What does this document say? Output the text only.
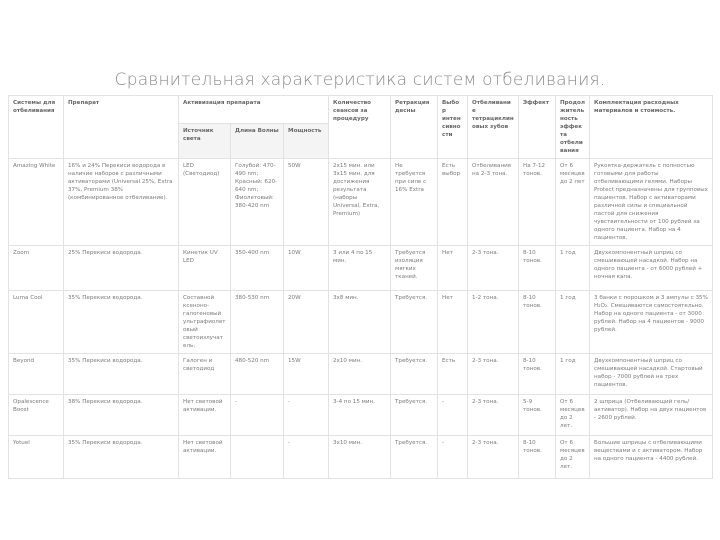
Сравнительная характеристика систем отбеливания.
Системы для отбеливания	Препарат	Активизация препарата			Количество сеансов за процедуру	Ретракция десны	Выбор интенсивности	Отбеливание тетрациклиновых зубов	Эффект	Продолжительность эффекта отбеливания	Комплектация расходных материалов и стоимость.
		Источник света	Длина Волны	Мощность							
Amazing White	16% и 24% Перекиси водорода в наличие наборов с различными активаторами (Universal 25%, Extra 37%, Premium 38% (комбинированное отбеливание).	LED (Светодиод)	Голубой: 470-490 nm; Красный: 620-640 nm; Фиолетовый: 380-420 nm	50W	2х15 мин. или 3х15 мин. для достижения результата (наборы Universal, Extra, Premium)	Не требуется при силе с 16% Extra	Есть выбор	Отбеливание на 2-3 тона.	На 7-12 тонов.	От 6 месяцев до 2 лет	Рукоятка-держатель с полностью готовыми для работы отбеливающими гелями. Наборы Protect предназначены для групповых пациентов. Набор с активаторами различной силы и специальной пастой для снижения чувствительности от 100 рублей за одного пациента. Набор на 4 пациентов.
Zoom	25% Перекиси водорода.	Кинетик UV LED	350-400 nm	10W	3 или 4 по 15 мин.	Требуется изоляция мягких тканей.	Нет	2-3 тона.	8-10 тонов.	1 год	Двухкомпонентный шприц со смешивающей насадкой. Набор на одного пациента - от 6000 рублей + ночная капа.
Luma Cool	35% Перекиси водорода.	Составной ксеноно-галогеновый ультрафиолетовый светоизлучатель.	380-530 nm	20W	3х8 мин.	Требуется.	Нет	1-2 тона.	8-10 тонов.	1 год	3 банки с порошком и 3 ампулы с 35% H₂O₂. Смешиваются самостоятельно. Набор на одного пациента - от 3000 рублей. Набор на 4 пациентов - 9000 рублей.
Beyond	35% Перекиси водорода.	Галоген и светодиод	480-520 nm	15W	2х10 мин.	Требуется.	Есть	2-3 тона.	8-10 тонов.	1 год	Двухкомпонентный шприц со смешивающей насадкой. Стартовый набор - 7000 рублей на трех пациентов.
Opalescence Boost	38% Перекиси водорода.	Нет световой активации.	-	-	3-4 по 15 мин.	Требуется.	-	2-3 тона.	5-9 тонов.	От 6 месяцев до 2 лет.	2 шприца (Отбеливающий гель/активатор). Набор на двух пациентов - 2600 рублей.
Yotuel	35% Перекиси водорода.	Нет световой активации.		-	3х10 мин.	Требуется.	-	2-3 тона.	8-10 тонов.	От 6 месяцев до 2 лет.	Большие шприцы с отбеливающими веществами и с активатором. Набор на одного пациента - 4400 рублей.
